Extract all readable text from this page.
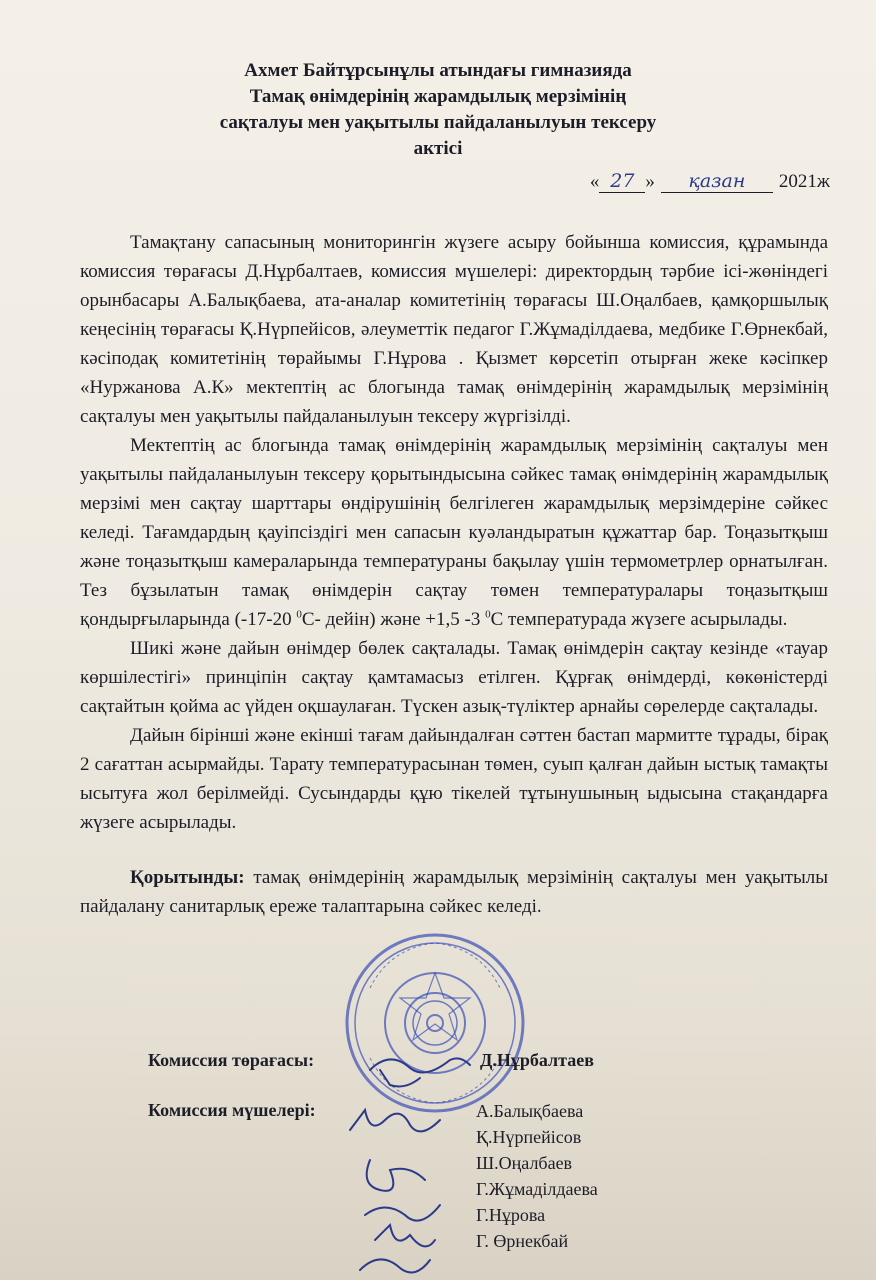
Ахмет Байтұрсынұлы атындағы гимназияда
Тамақ өнімдерінің жарамдылық мерзімінің
сақталуы мен уақытылы пайдаланылуын тексеру
актісі
« 27 » қазан 2021ж

Тамақтану сапасының мониторингін жүзеге асыру бойынша комиссия, құрамында комиссия төрағасы Д.Нұрбалтаев, комиссия мүшелері: директордың тәрбие ісі-жөніндегі орынбасары А.Балықбаева, ата-аналар комитетінің төрағасы Ш.Оңалбаев, қамқоршылық кеңесінің төрағасы Қ.Нүрпейісов, әлеуметтік педагог Г.Жұмаділдаева, медбике Г.Өрнекбай, кәсіподақ комитетінің төрайымы Г.Нұрова . Қызмет көрсетіп отырған жеке кәсіпкер «Нуржанова А.К» мектептің ас блогында тамақ өнімдерінің жарамдылық мерзімінің сақталуы мен уақытылы пайдаланылуын тексеру жүргізілді.

Мектептің ас блогында тамақ өнімдерінің жарамдылық мерзімінің сақталуы мен уақытылы пайдаланылуын тексеру қорытындысына сәйкес тамақ өнімдерінің жарамдылық мерзімі мен сақтау шарттары өндірушінің белгілеген жарамдылық мерзімдеріне сәйкес келеді. Тағамдардың қауіпсіздігі мен сапасын куәландыратын құжаттар бар. Тоңазытқыш және тоңазытқыш камераларында температураны бақылау үшін термометрлер орнатылған. Тез бұзылатын тамақ өнімдерін сақтау төмен температуралары тоңазытқыш қондырғыларында (-17-20 $^0$С- дейін) және +1,5 -3 $^0$С температурада жүзеге асырылады.

Шикі және дайын өнімдер бөлек сақталады. Тамақ өнімдерін сақтау кезінде «тауар көршілестігі» принціпін сақтау қамтамасыз етілген. Құрғақ өнімдерді, көкөністерді сақтайтын қойма ас үйден оқшаулаған. Түскен азық-түліктер арнайы сөрелерде сақталады.

Дайын бірінші және екінші тағам дайындалған сәттен бастап мармитте тұрады, бірақ 2 сағаттан асырмайды. Тарату температурасынан төмен, суып қалған дайын ыстық тамақты ысытуға жол берілмейді. Сусындарды құю тікелей тұтынушының ыдысына стақандарға жүзеге асырылады.

Қорытынды: тамақ өнімдерінің жарамдылық мерзімінің сақталуы мен уақытылы пайдалану санитарлық ереже талаптарына сәйкес келеді.

Комиссия төрағасы:	Д.Нұрбалтаев
Комиссия мүшелері:	А.Балықбаева
Қ.Нүрпейісов
Ш.Оңалбаев
Г.Жұмаділдаева
Г.Нұрова
Г. Өрнекбай
